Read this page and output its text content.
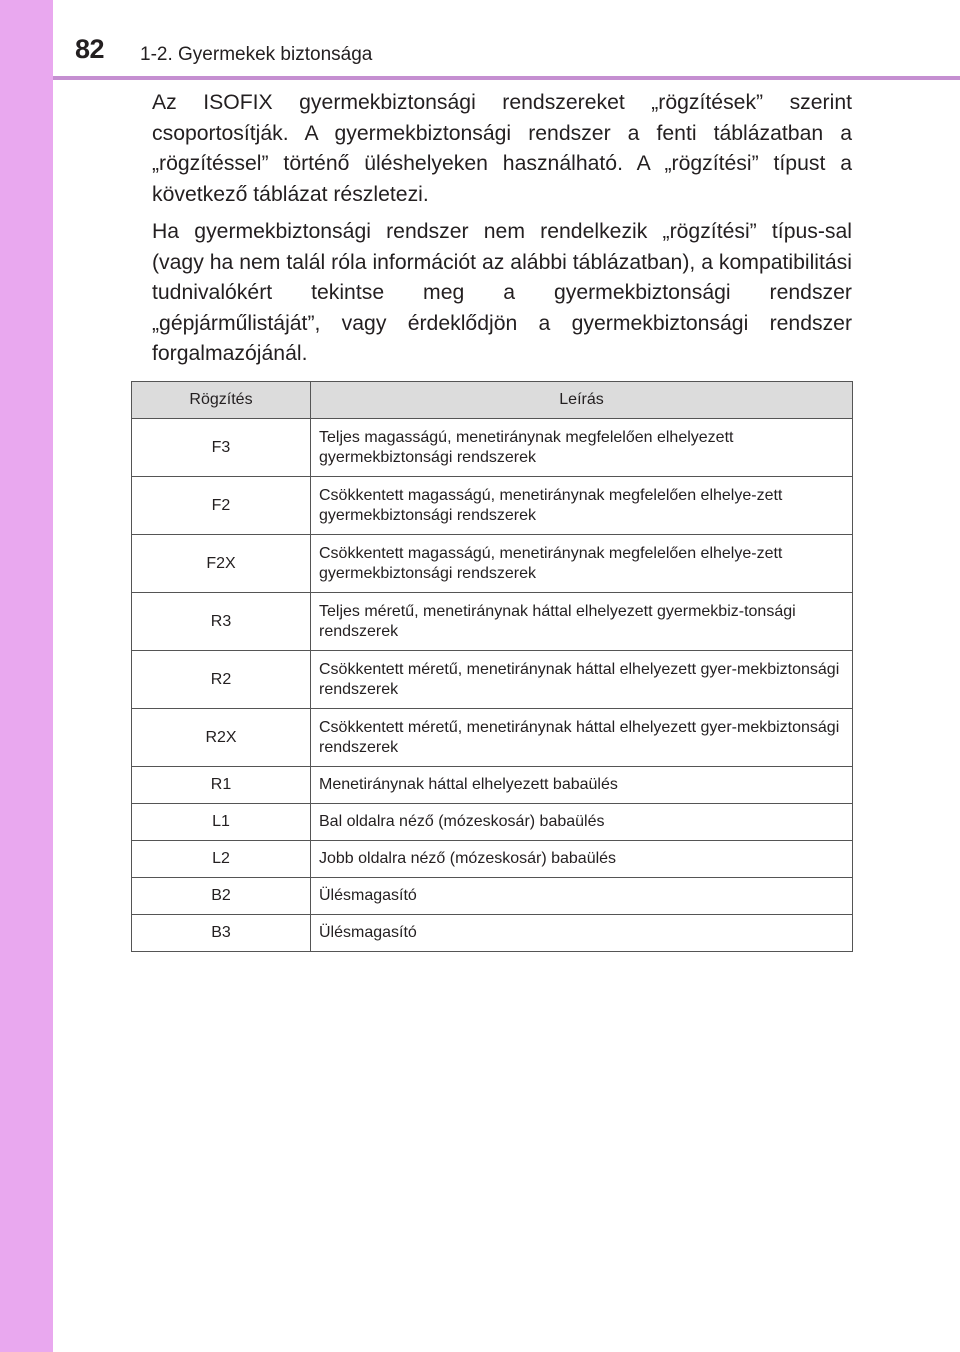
82 1-2. Gyermekek biztonsága

Az ISOFIX gyermekbiztonsági rendszereket „rögzítések” szerint csoportosítják. A gyermekbiztonsági rendszer a fenti táblázatban a „rögzítéssel” történő üléshelyeken használható. A „rögzítési” típust a következő táblázat részletezi.

Ha gyermekbiztonsági rendszer nem rendelkezik „rögzítési” típus-sal (vagy ha nem talál róla információt az alábbi táblázatban), a kompatibilitási tudnivalókért tekintse meg a gyermekbiztonsági rendszer „gépjárműlistáját”, vagy érdeklődjön a gyermekbiztonsági rendszer forgalmazójánál.

Rögzítés	Leírás
F3	Teljes magasságú, menetiránynak megfelelően elhelyezett gyermekbiztonsági rendszerek
F2	Csökkentett magasságú, menetiránynak megfelelően elhelye-zett gyermekbiztonsági rendszerek
F2X	Csökkentett magasságú, menetiránynak megfelelően elhelye-zett gyermekbiztonsági rendszerek
R3	Teljes méretű, menetiránynak háttal elhelyezett gyermekbiz-tonsági rendszerek
R2	Csökkentett méretű, menetiránynak háttal elhelyezett gyer-mekbiztonsági rendszerek
R2X	Csökkentett méretű, menetiránynak háttal elhelyezett gyer-mekbiztonsági rendszerek
R1	Menetiránynak háttal elhelyezett babaülés
L1	Bal oldalra néző (mózeskosár) babaülés
L2	Jobb oldalra néző (mózeskosár) babaülés
B2	Ülésmagasító
B3	Ülésmagasító
